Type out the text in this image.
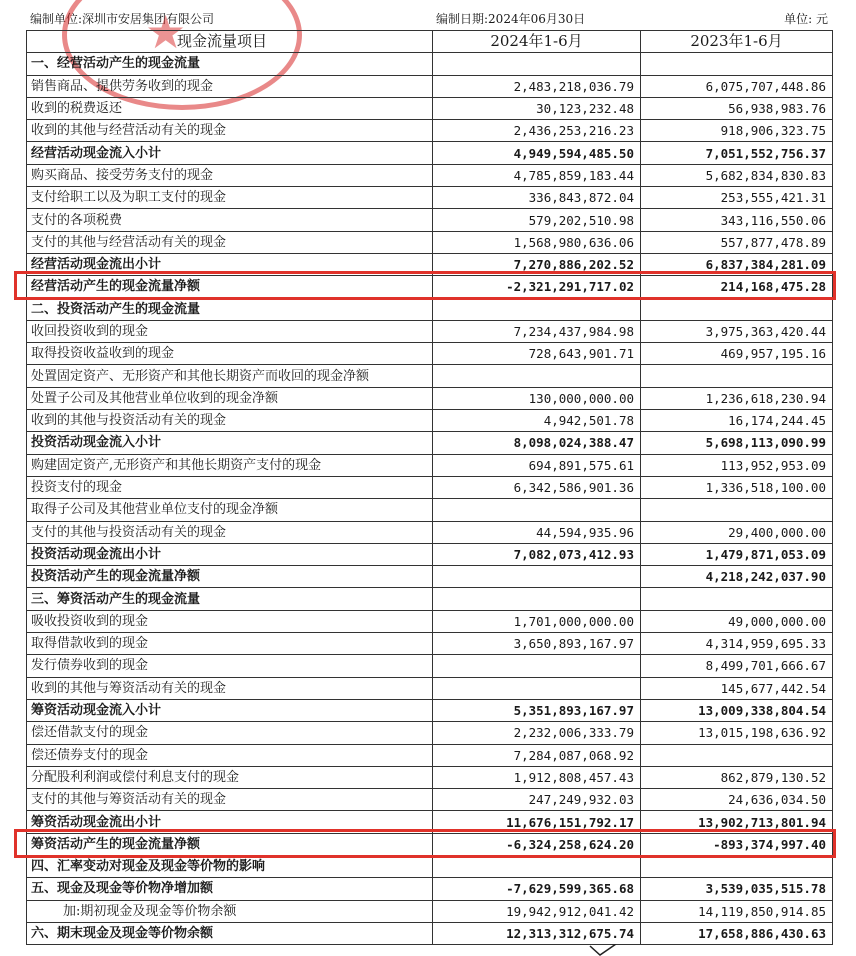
编制单位:深圳市安居集团有限公司	编制日期:2024年06月30日	单位: 元
★
现金流量项目	2024年1-6月	2023年1-6月
一、经营活动产生的现金流量		
销售商品、提供劳务收到的现金	2,483,218,036.79	6,075,707,448.86
收到的税费返还	30,123,232.48	56,938,983.76
收到的其他与经营活动有关的现金	2,436,253,216.23	918,906,323.75
经营活动现金流入小计	4,949,594,485.50	7,051,552,756.37
购买商品、接受劳务支付的现金	4,785,859,183.44	5,682,834,830.83
支付给职工以及为职工支付的现金	336,843,872.04	253,555,421.31
支付的各项税费	579,202,510.98	343,116,550.06
支付的其他与经营活动有关的现金	1,568,980,636.06	557,877,478.89
经营活动现金流出小计	7,270,886,202.52	6,837,384,281.09
经营活动产生的现金流量净额	-2,321,291,717.02	214,168,475.28
二、投资活动产生的现金流量		
收回投资收到的现金	7,234,437,984.98	3,975,363,420.44
取得投资收益收到的现金	728,643,901.71	469,957,195.16
处置固定资产、无形资产和其他长期资产而收回的现金净额		
处置子公司及其他营业单位收到的现金净额	130,000,000.00	1,236,618,230.94
收到的其他与投资活动有关的现金	4,942,501.78	16,174,244.45
投资活动现金流入小计	8,098,024,388.47	5,698,113,090.99
购建固定资产,无形资产和其他长期资产支付的现金	694,891,575.61	113,952,953.09
投资支付的现金	6,342,586,901.36	1,336,518,100.00
取得子公司及其他营业单位支付的现金净额		
支付的其他与投资活动有关的现金	44,594,935.96	29,400,000.00
投资活动现金流出小计	7,082,073,412.93	1,479,871,053.09
投资活动产生的现金流量净额		4,218,242,037.90
三、筹资活动产生的现金流量		
吸收投资收到的现金	1,701,000,000.00	49,000,000.00
取得借款收到的现金	3,650,893,167.97	4,314,959,695.33
发行债券收到的现金		8,499,701,666.67
收到的其他与筹资活动有关的现金		145,677,442.54
筹资活动现金流入小计	5,351,893,167.97	13,009,338,804.54
偿还借款支付的现金	2,232,006,333.79	13,015,198,636.92
偿还债券支付的现金	7,284,087,068.92	
分配股利利润或偿付利息支付的现金	1,912,808,457.43	862,879,130.52
支付的其他与筹资活动有关的现金	247,249,932.03	24,636,034.50
筹资活动现金流出小计	11,676,151,792.17	13,902,713,801.94
筹资活动产生的现金流量净额	-6,324,258,624.20	-893,374,997.40
四、汇率变动对现金及现金等价物的影响		
五、现金及现金等价物净增加额	-7,629,599,365.68	3,539,035,515.78
加:期初现金及现金等价物余额	19,942,912,041.42	14,119,850,914.85
六、期末现金及现金等价物余额	12,313,312,675.74	17,658,886,430.63
